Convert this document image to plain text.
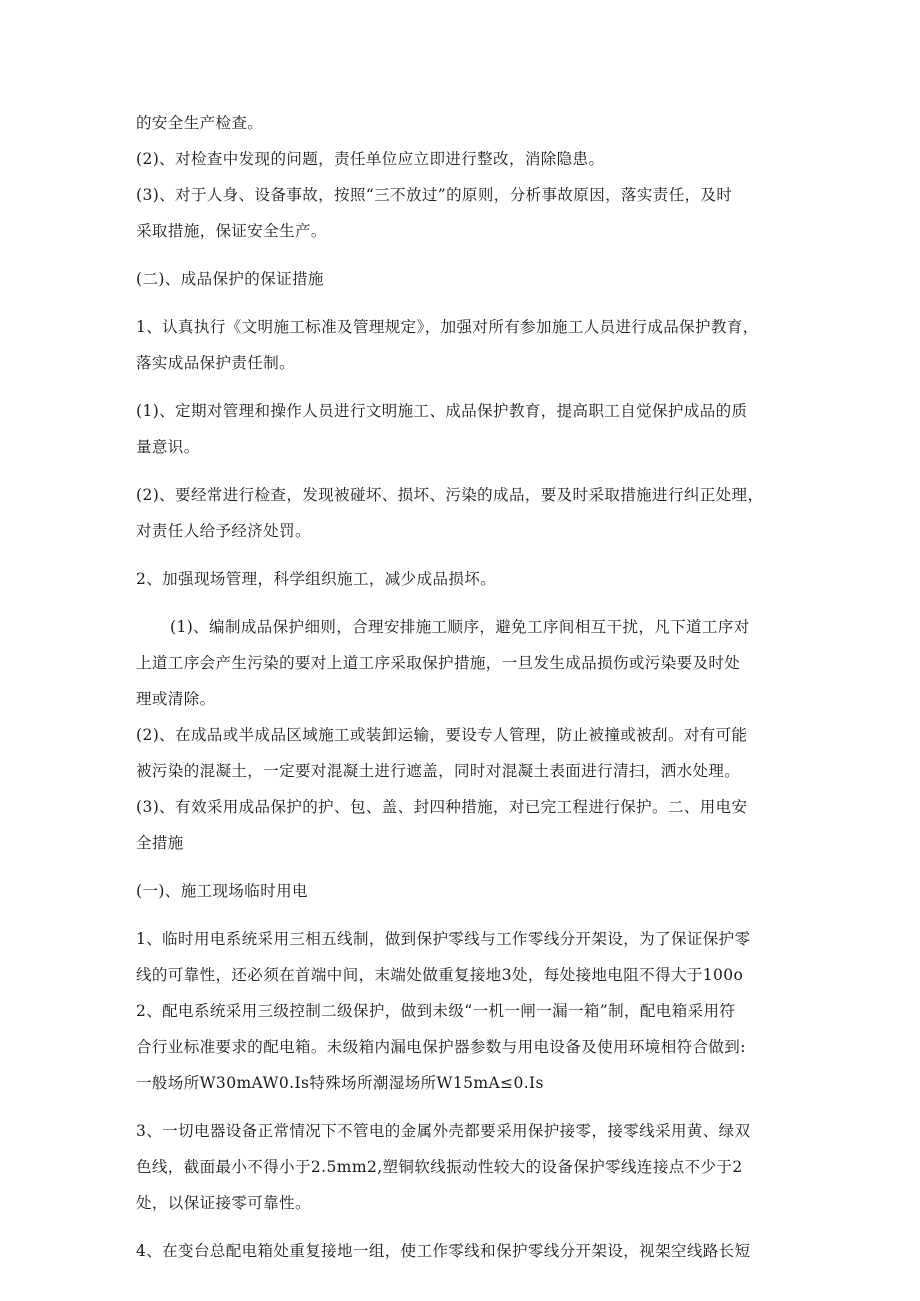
的安全生产检查。
(2)、对检查中发现的问题，责任单位应立即进行整改，消除隐患。
(3)、对于人身、设备事故，按照“三不放过”的原则，分析事故原因，落实责任，及时
采取措施，保证安全生产。
(二)、成品保护的保证措施
1、认真执行《文明施工标准及管理规定》，加强对所有参加施工人员进行成品保护教育，
落实成品保护责任制。
(1)、定期对管理和操作人员进行文明施工、成品保护教育，提高职工自觉保护成品的质
量意识。
(2)、要经常进行检查，发现被碰坏、损坏、污染的成品，要及时采取措施进行纠正处理，
对责任人给予经济处罚。
2、加强现场管理，科学组织施工，减少成品损坏。
(1)、编制成品保护细则，合理安排施工顺序，避免工序间相互干扰，凡下道工序对
上道工序会产生污染的要对上道工序采取保护措施，一旦发生成品损伤或污染要及时处
理或清除。
(2)、在成品或半成品区域施工或装卸运输，要设专人管理，防止被撞或被刮。对有可能
被污染的混凝土，一定要对混凝土进行遮盖，同时对混凝土表面进行清扫，洒水处理。
(3)、有效采用成品保护的护、包、盖、封四种措施，对已完工程进行保护。二、用电安
全措施
(一)、施工现场临时用电
1、临时用电系统采用三相五线制，做到保护零线与工作零线分开架设，为了保证保护零
线的可靠性，还必须在首端中间，末端处做重复接地3处，每处接地电阻不得大于100o
2、配电系统采用三级控制二级保护，做到未级“一机一闸一漏一箱”制，配电箱采用符
合行业标准要求的配电箱。未级箱内漏电保护器参数与用电设备及使用环境相符合做到:
一般场所W30mAW0.Is特殊场所潮湿场所W15mA≤0.Is
3、一切电器设备正常情况下不管电的金属外壳都要采用保护接零，接零线采用黄、绿双
色线，截面最小不得小于2.5mm2,塑铜软线振动性较大的设备保护零线连接点不少于2
处，以保证接零可靠性。
4、在变台总配电箱处重复接地一组，使工作零线和保护零线分开架设，视架空线路长短
